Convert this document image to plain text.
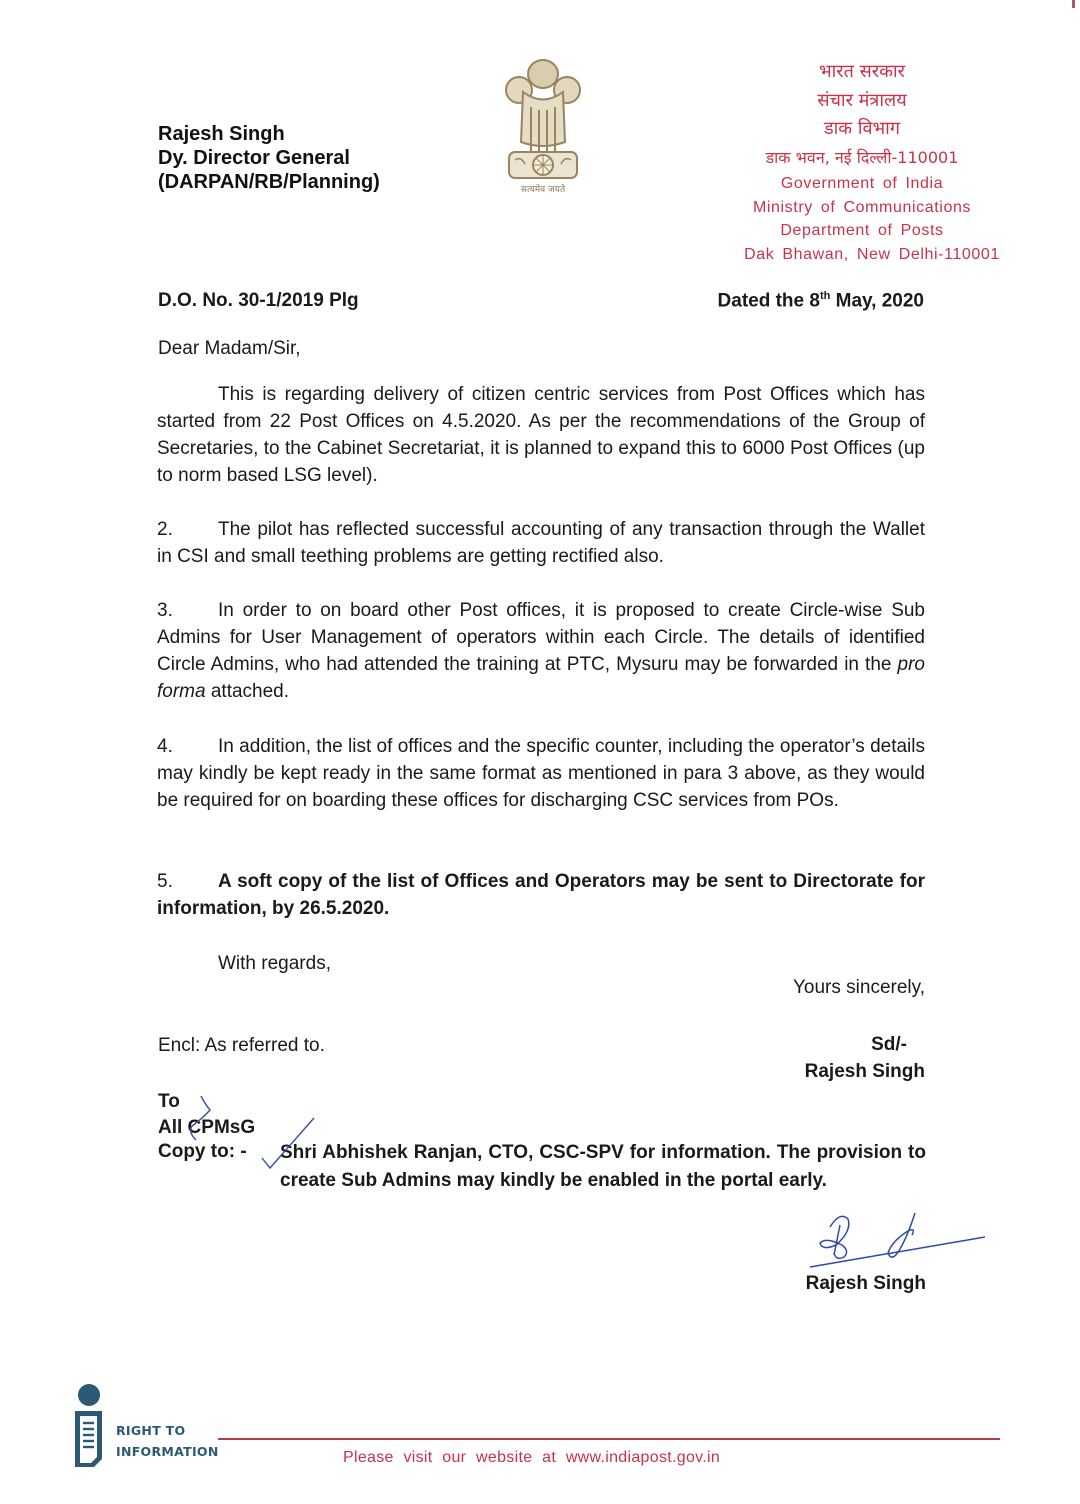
Rajesh Singh
Dy. Director General
(DARPAN/RB/Planning)	सत्यमेव जयते
भारत सरकार
संचार मंत्रालय
डाक विभाग
डाक भवन, नई दिल्ली-110001
Government of India
Ministry of Communications
Department of Posts
Dak Bhawan, New Delhi-110001
D.O. No. 30-1/2019 Plg	Dated the 8th May, 2020
Dear Madam/Sir,
This is regarding delivery of citizen centric services from Post Offices which has started from 22 Post Offices on 4.5.2020. As per the recommendations of the Group of Secretaries, to the Cabinet Secretariat, it is planned to expand this to 6000 Post Offices (up to norm based LSG level).
2. The pilot has reflected successful accounting of any transaction through the Wallet in CSI and small teething problems are getting rectified also.
3. In order to on board other Post offices, it is proposed to create Circle-wise Sub Admins for User Management of operators within each Circle. The details of identified Circle Admins, who had attended the training at PTC, Mysuru may be forwarded in the pro forma attached.
4. In addition, the list of offices and the specific counter, including the operator’s details may kindly be kept ready in the same format as mentioned in para 3 above, as they would be required for on boarding these offices for discharging CSC services from POs.
5. A soft copy of the list of Offices and Operators may be sent to Directorate for information, by 26.5.2020.
With regards,
Yours sincerely,
Encl: As referred to.	Sd/-
Rajesh Singh
To
All CPMsG
Copy to: - Shri Abhishek Ranjan, CTO, CSC-SPV for information. The provision to create Sub Admins may kindly be enabled in the portal early.
Rajesh Singh
RIGHT TO
INFORMATION	Please visit our website at www.indiapost.gov.in
